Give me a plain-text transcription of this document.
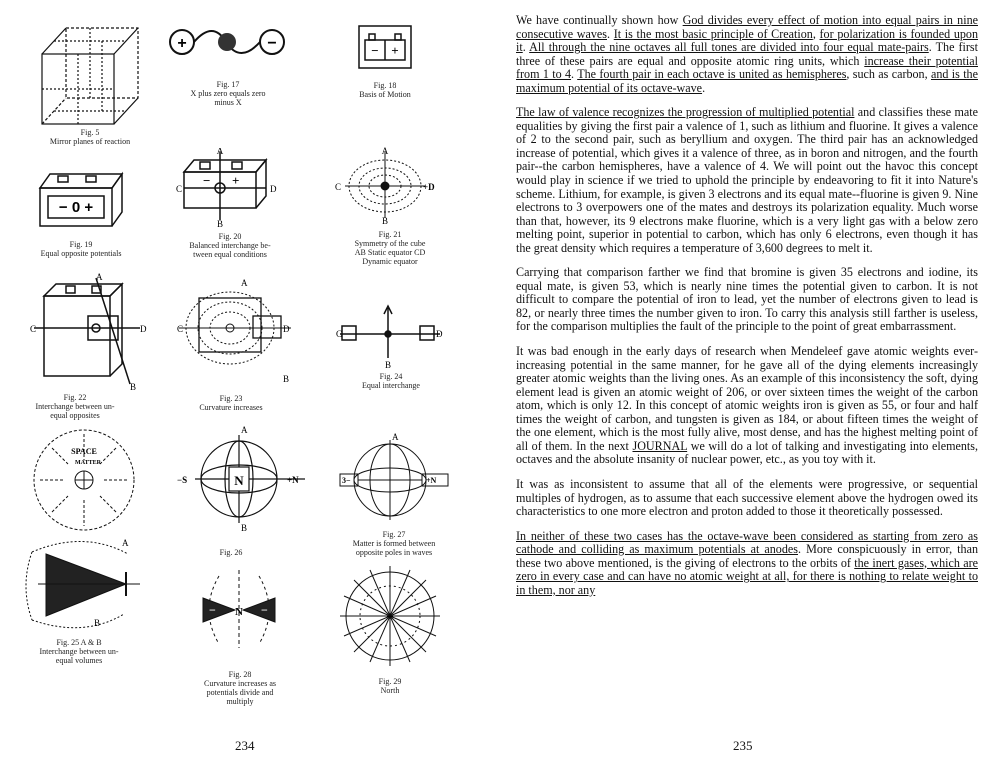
Fig. 5
Mirror planes of reaction
+	−
Fig. 17
X plus zero equals zero
minus X
− +
Fig. 18
Basis of Motion
− 0 +
Fig. 19
Equal opposite potentials
A
C
− +
D
B
Fig. 20
Balanced interchange be-
tween equal conditions
A
C	+D
B
Fig. 21
Symmetry of the cube
AB Static equator CD
Dynamic equator
A
C	D
B
Fig. 22
Interchange between un-
equal opposites
C	D
B
A
Fig. 23
Curvature increases
C	D
B
Fig. 24
Equal interchange
SPACE
MATTER
A
−S	N	+N
B
Fig. 26
A
3−	+N
Fig. 27
Matter is formed between
opposite poles in waves
A
B
Fig. 25 A & B
Interchange between un-
equal volumes
− N −
Fig. 28
Curvature increases as
potentials divide and
multiply
+
Fig. 29
North
234

We have continually shown how God divides every effect of motion into equal pairs in nine consecutive waves. It is the most basic principle of Creation, for polarization is founded upon it. All through the nine octaves all full tones are divided into four equal mate-pairs. The first three of these pairs are equal and opposite atomic ring units, which increase their potential from 1 to 4. The fourth pair in each octave is united as hemispheres, such as carbon, and is the maximum potential of its octave-wave.

The law of valence recognizes the progression of multiplied potential and classifies these mate equalities by giving the first pair a valence of 1, such as lithium and fluorine. It gives a valence of 2 to the second pair, such as beryllium and oxygen. The third pair has an acknowledged increase of potential, which gives it a valence of three, as in boron and nitrogen, and the fourth pair--the carbon hemispheres, have a valence of 4. We will point out the havoc this concept would play in science if we tried to uphold the principle by endeavoring to fit it into Nature's scheme. Lithium, for example, is given 3 electrons and its equal mate--fluorine is given 9. Nine electrons to 3 overpowers one of the mates and destroys its polarization equality. Much worse than that, however, its 9 electrons make fluorine, which is a very light gas with a below zero melting point, superior in potential to carbon, which has only 6 electrons, even though it has the great density which requires a temperature of 3,600 degrees to melt it.

Carrying that comparison farther we find that bromine is given 35 electrons and iodine, its equal mate, is given 53, which is nearly nine times the potential given to carbon. It is not difficult to compare the potential of iron to lead, yet the number of electrons given to lead is 82, or nearly three times the number given to iron. To carry this analysis still farther is useless, for the comparison multiplies the fault of the principle to the point of great embarrassment.

It was bad enough in the early days of research when Mendeleef gave atomic weights ever-increasing potential in the same manner, for he gave all of the dying elements increasingly greater atomic weights than the living ones. As an example of this inconsistency the soft, dying element lead is given an atomic weight of 206, or over sixteen times the weight of the carbon atom, which is only 12. In this concept of atomic weights iron is given as 55, or four and half times the weight of carbon, and tungsten is given as 184, or about fifteen times the weight of the one element, which is the most fully alive, most dense, and has the highest melting point of all of them. In the next JOURNAL we will do a lot of talking and investigating into elements, octaves and the absolute insanity of nuclear power, etc., as you toy with it.

It was as inconsistent to assume that all of the elements were progressive, or sequential multiples of hydrogen, as to assume that each successive element above the hydrogen owed its characteristics to one more electron and proton added to those it theoretically possessed.

In neither of these two cases has the octave-wave been considered as starting from zero as cathode and colliding as maximum potentials at anodes. More conspicuously in error, than these two above mentioned, is the giving of electrons to the orbits of the inert gases, which are zero in every case and can have no atomic weight at all, for there is nothing to relate weight to in them, nor any

235
